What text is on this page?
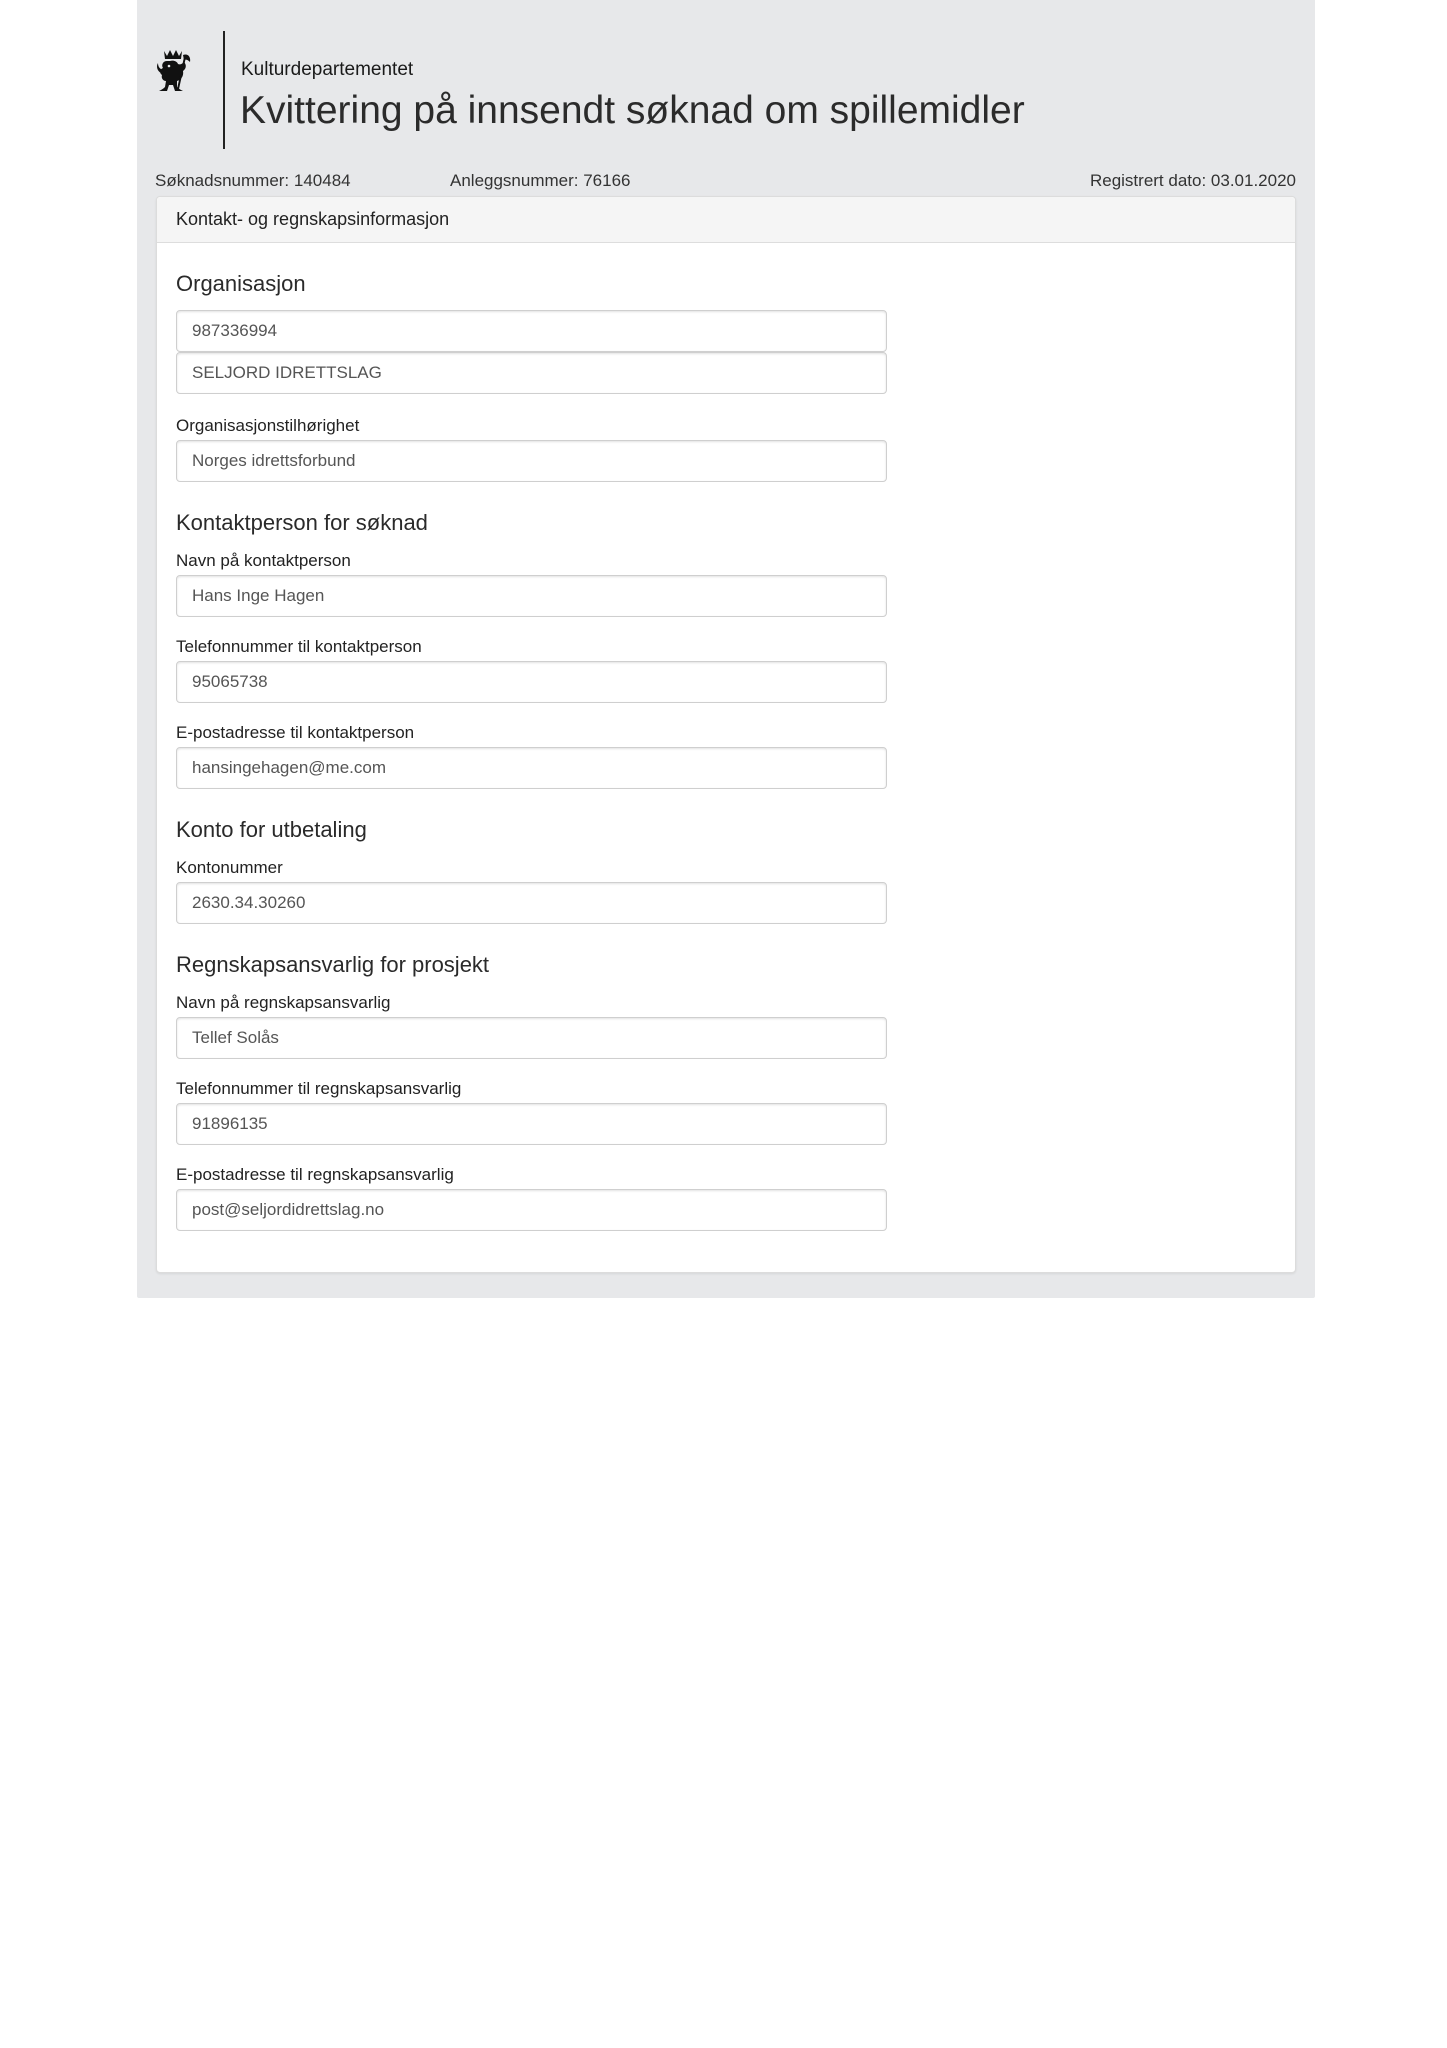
Kulturdepartementet
Kvittering på innsendt søknad om spillemidler
Søknadsnummer: 140484	Anleggsnummer: 76166	Registrert dato: 03.01.2020
Kontakt- og regnskapsinformasjon
Organisasjon
987336994
SELJORD IDRETTSLAG
Organisasjonstilhørighet
Norges idrettsforbund
Kontaktperson for søknad
Navn på kontaktperson
Hans Inge Hagen
Telefonnummer til kontaktperson
95065738
E-postadresse til kontaktperson
hansingehagen@me.com
Konto for utbetaling
Kontonummer
2630.34.30260
Regnskapsansvarlig for prosjekt
Navn på regnskapsansvarlig
Tellef Solås
Telefonnummer til regnskapsansvarlig
91896135
E-postadresse til regnskapsansvarlig
post@seljordidrettslag.no
